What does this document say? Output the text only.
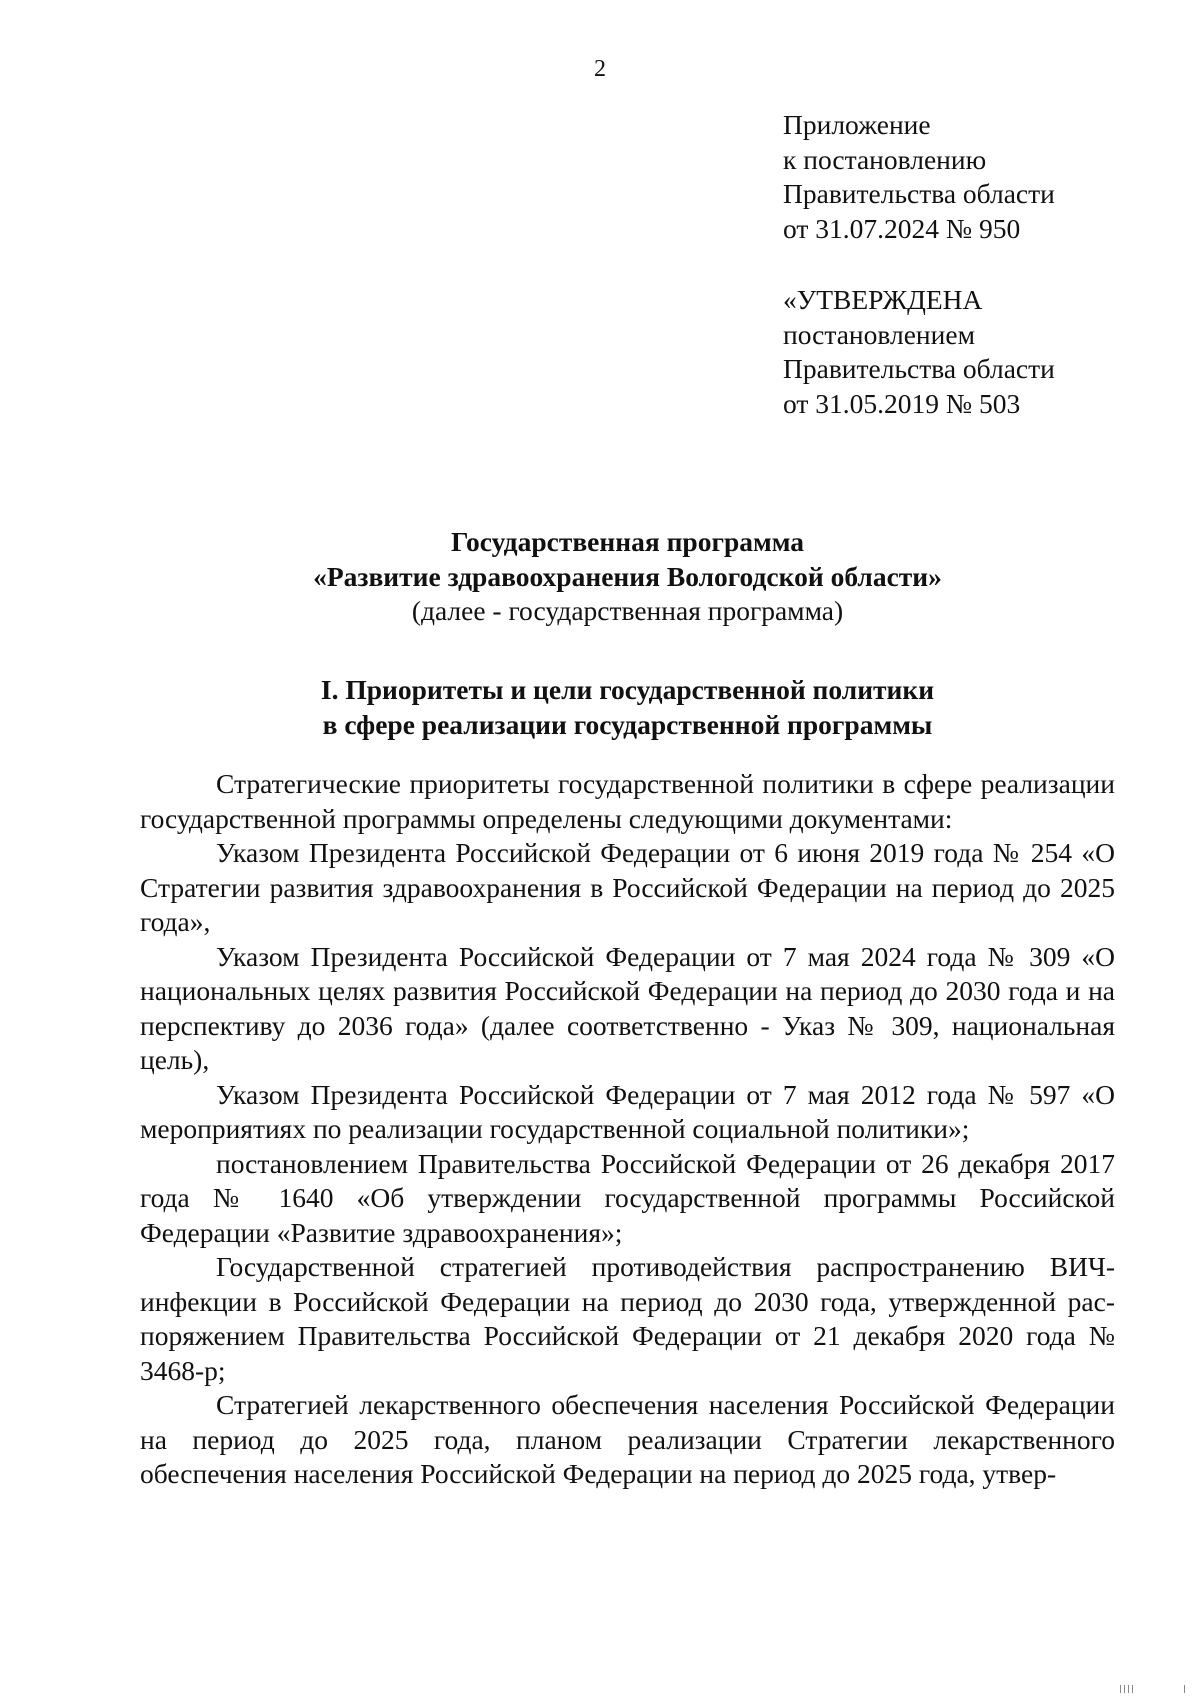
2
Приложение
к постановлению
Правительства области
от 31.07.2024 № 950
«УТВЕРЖДЕНА
постановлением
Правительства области
от 31.05.2019 № 503
Государственная программа
«Развитие здравоохранения Вологодской области»
(далее - государственная программа)
I. Приоритеты и цели государственной политики
в сфере реализации государственной программы

Стратегические приоритеты государственной политики в сфере реализации государственной программы определены следующими документами:

Указом Президента Российской Федерации от 6 июня 2019 года № 254 «О Стратегии развития здравоохранения в Российской Федерации на период до 2025 года»,

Указом Президента Российской Федерации от 7 мая 2024 года № 309 «О национальных целях развития Российской Федерации на период до 2030 года и на перспективу до 2036 года» (далее соответственно - Указ № 309, национальная цель),

Указом Президента Российской Федерации от 7 мая 2012 года № 597 «О мероприятиях по реализации государственной социальной политики»;

постановлением Правительства Российской Федерации от 26 декабря 2017 года № 1640 «Об утверждении государственной программы Российской Федерации «Развитие здравоохранения»;

Государственной стратегией противодействия распространению ВИЧ-инфекции в Российской Федерации на период до 2030 года, утвержденной распоряжением Правительства Российской Федерации от 21 декабря 2020 года № 3468-р;

Стратегией лекарственного обеспечения населения Российской Федерации на период до 2025 года, планом реализации Стратегии лекарственного обеспечения населения Российской Федерации на период до 2025 года, утвер-
